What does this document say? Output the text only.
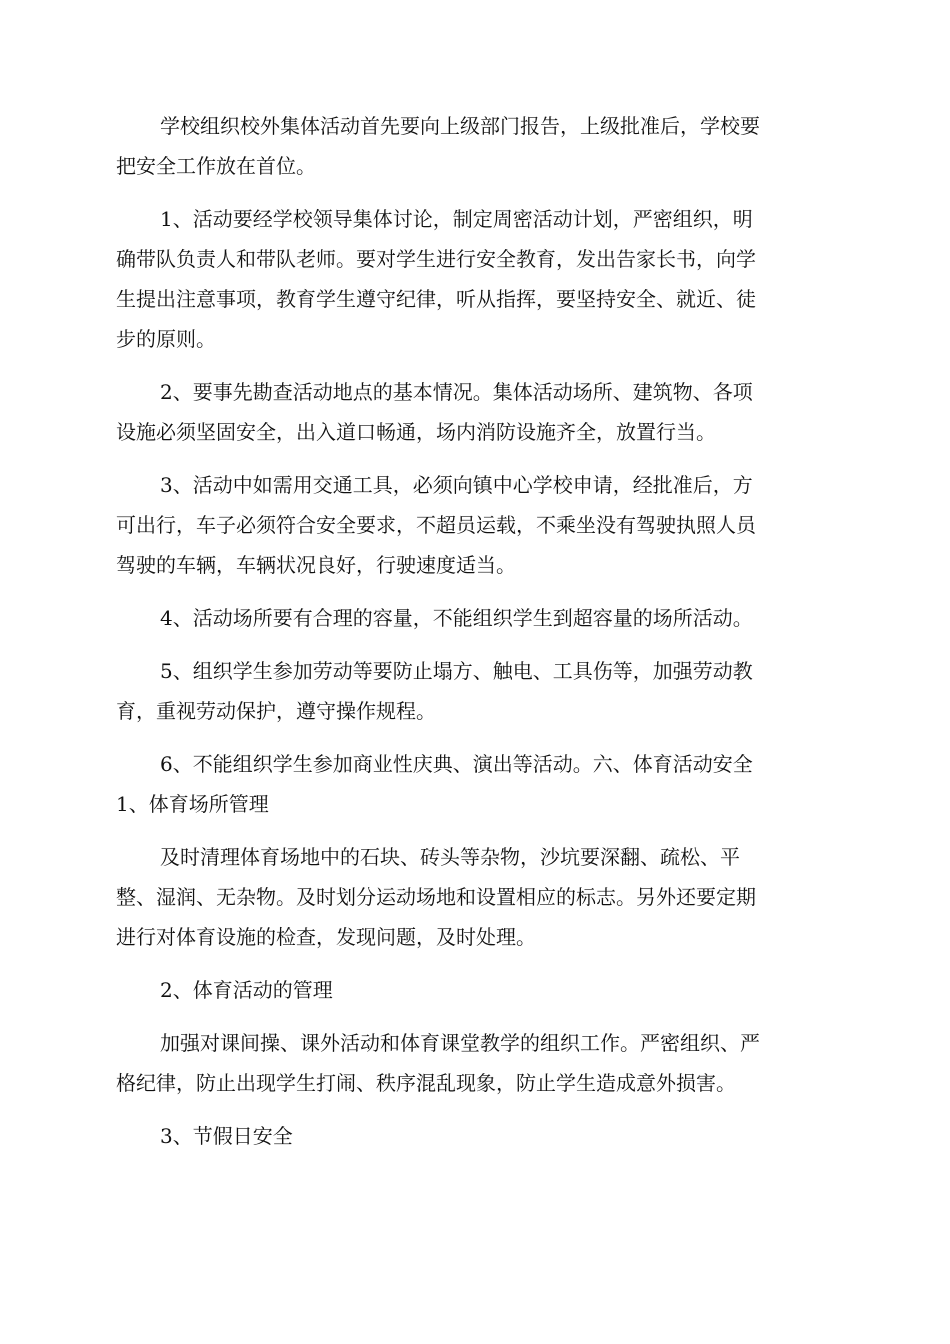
学校组织校外集体活动首先要向上级部门报告，上级批准后，学校要
把安全工作放在首位。

1、活动要经学校领导集体讨论，制定周密活动计划，严密组织，明
确带队负责人和带队老师。要对学生进行安全教育，发出告家长书，向学
生提出注意事项，教育学生遵守纪律，听从指挥，要坚持安全、就近、徒
步的原则。

2、要事先勘查活动地点的基本情况。集体活动场所、建筑物、各项
设施必须坚固安全，出入道口畅通，场内消防设施齐全，放置行当。

3、活动中如需用交通工具，必须向镇中心学校申请，经批准后，方
可出行，车子必须符合安全要求，不超员运载，不乘坐没有驾驶执照人员
驾驶的车辆，车辆状况良好，行驶速度适当。

4、活动场所要有合理的容量，不能组织学生到超容量的场所活动。

5、组织学生参加劳动等要防止塌方、触电、工具伤等，加强劳动教
育，重视劳动保护，遵守操作规程。

6、不能组织学生参加商业性庆典、演出等活动。六、体育活动安全
1、体育场所管理

及时清理体育场地中的石块、砖头等杂物，沙坑要深翻、疏松、平
整、湿润、无杂物。及时划分运动场地和设置相应的标志。另外还要定期
进行对体育设施的检查，发现问题，及时处理。

2、体育活动的管理

加强对课间操、课外活动和体育课堂教学的组织工作。严密组织、严
格纪律，防止出现学生打闹、秩序混乱现象，防止学生造成意外损害。

3、节假日安全
